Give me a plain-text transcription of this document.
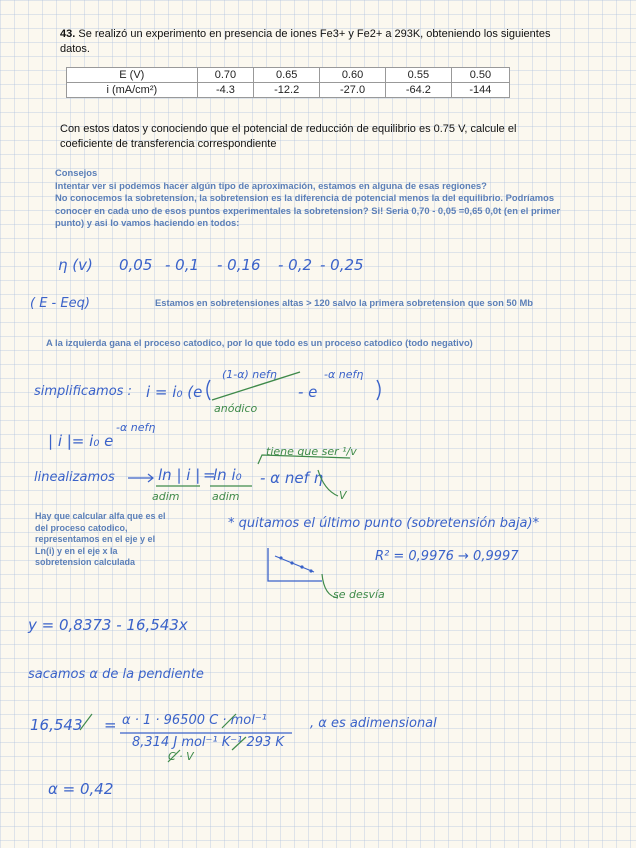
43. Se realizó un experimento en presencia de iones Fe3+ y Fe2+ a 293K, obteniendo los siguientes
datos.
E (V)	0.70	0.65	0.60	0.55	0.50
i (mA/cm²)	-4.3	-12.2	-27.0	-64.2	-144
Con estos datos y conociendo que el potencial de reducción de equilibrio es 0.75 V, calcule el
coeficiente de transferencia correspondiente
Consejos
Intentar ver si podemos hacer algún tipo de aproximación, estamos en alguna de esas regiones?
No conocemos la sobretension, la sobretension es la diferencia de potencial menos la del equilibrio. Podríamos
conocer en cada uno de esos puntos experimentales la sobretension? Si! Seria 0,70 - 0,05 =0,65 0,0t (en el primer
punto) y asi lo vamos haciendo en todos:
η (v) 0,05 - 0,1 - 0,16 - 0,2 - 0,25
( E - Eeq)	Estamos en sobretensiones altas > 120 salvo la primera sobretension que son 50 Mb
A la izquierda gana el proceso catodico, por lo que todo es un proceso catodico (todo negativo)
simplificamos : i = i₀ (e
(1-α) nefη
- e
-α nefη
anódico
| i |= i₀ e
-α nefη
tiene que ser ¹/v
linealizamos	ln | i | =
ln i₀ - α nef η
adim	adim	V
Hay que calcular alfa que es el
del proceso catodico,
representamos en el eje y el
Ln(i) y en el eje x la
sobretension calculada
* quitamos el último punto (sobretensión baja)*
R² = 0,9976 → 0,9997
se desvía
y = 0,8373 - 16,543x
sacamos α de la pendiente
16,543 = α · 1 · 96500 C · mol⁻¹
8,314 J mol⁻¹ K⁻¹ 293 K
C · V
, α es adimensional
α = 0,42
